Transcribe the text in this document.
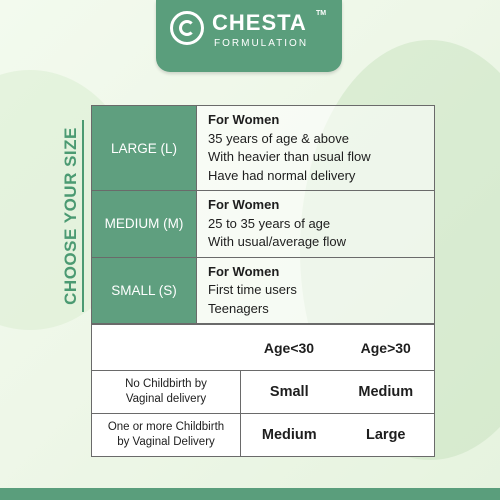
CHESTA TM
FORMULATION
CHOOSE YOUR SIZE LARGE (L)	For Women
35 years of age & above
With heavier than usual flow
Have had normal delivery

MEDIUM (M)	For Women
25 to 35 years of age
With usual/average flow

SMALL (S)	For Women
First time users
Teenagers
	Age<30	Age>30

No Childbirth by
Vaginal delivery	Small	Medium

One or more Childbirth
by Vaginal Delivery	Medium	Large
